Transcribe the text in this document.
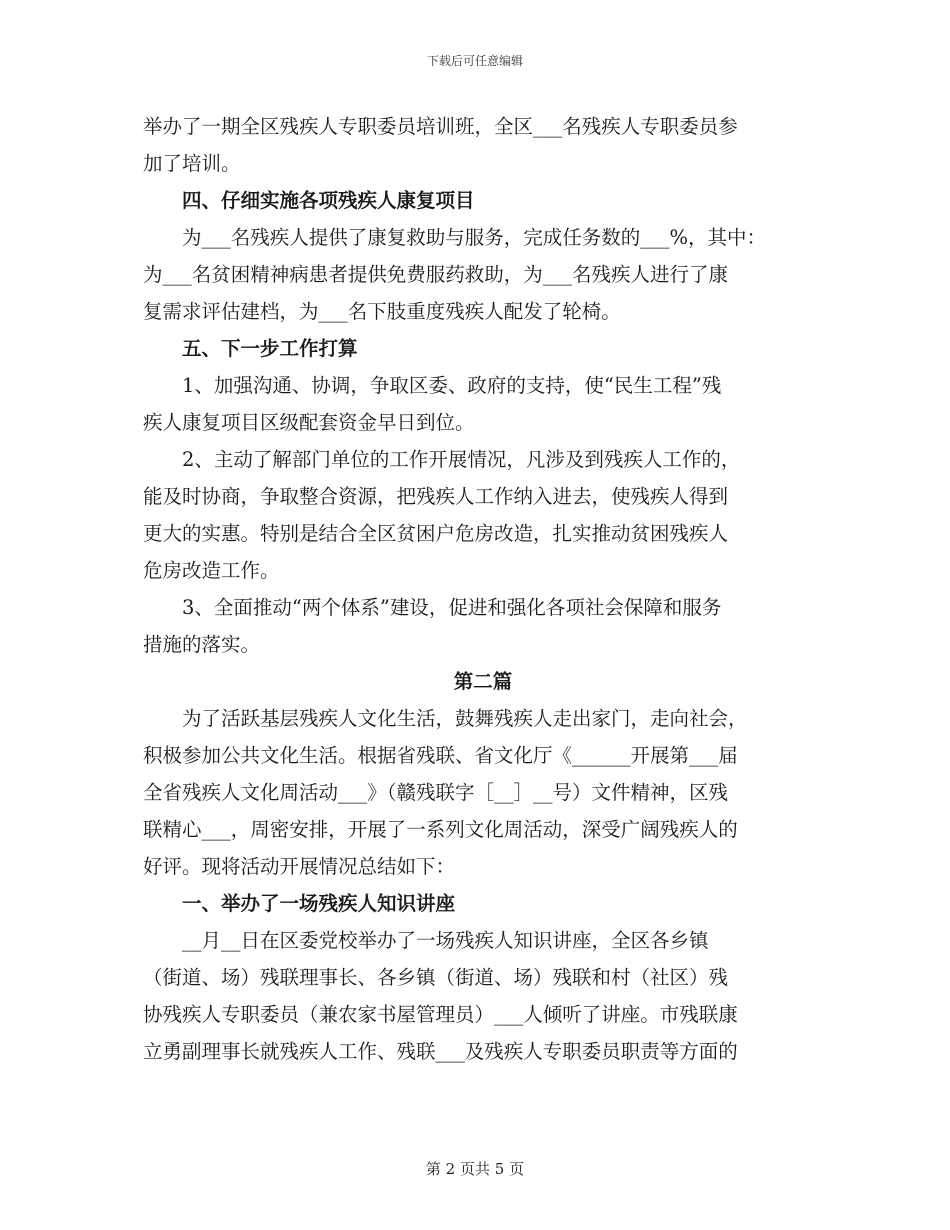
下载后可任意编辑

举办了一期全区残疾人专职委员培训班，全区___名残疾人专职委员参
加了培训。

四、仔细实施各项残疾人康复项目

为___名残疾人提供了康复救助与服务，完成任务数的___%，其中：
为___名贫困精神病患者提供免费服药救助，为___名残疾人进行了康
复需求评估建档，为___名下肢重度残疾人配发了轮椅。

五、下一步工作打算

1、加强沟通、协调，争取区委、政府的支持，使“民生工程”残
疾人康复项目区级配套资金早日到位。

2、主动了解部门单位的工作开展情况，凡涉及到残疾人工作的，
能及时协商，争取整合资源，把残疾人工作纳入进去，使残疾人得到
更大的实惠。特别是结合全区贫困户危房改造，扎实推动贫困残疾人
危房改造工作。

3、全面推动“两个体系”建设，促进和强化各项社会保障和服务
措施的落实。

第二篇

为了活跃基层残疾人文化生活，鼓舞残疾人走出家门，走向社会，
积极参加公共文化生活。根据省残联、省文化厅《______开展第___届
全省残疾人文化周活动___》（赣残联字［__］__号）文件精神，区残
联精心___，周密安排，开展了一系列文化周活动，深受广阔残疾人的
好评。现将活动开展情况总结如下：

一、举办了一场残疾人知识讲座

__月__日在区委党校举办了一场残疾人知识讲座，全区各乡镇
（街道、场）残联理事长、各乡镇（街道、场）残联和村（社区）残
协残疾人专职委员（兼农家书屋管理员）___人倾听了讲座。市残联康
立勇副理事长就残疾人工作、残联___及残疾人专职委员职责等方面的

第 2 页共 5 页
